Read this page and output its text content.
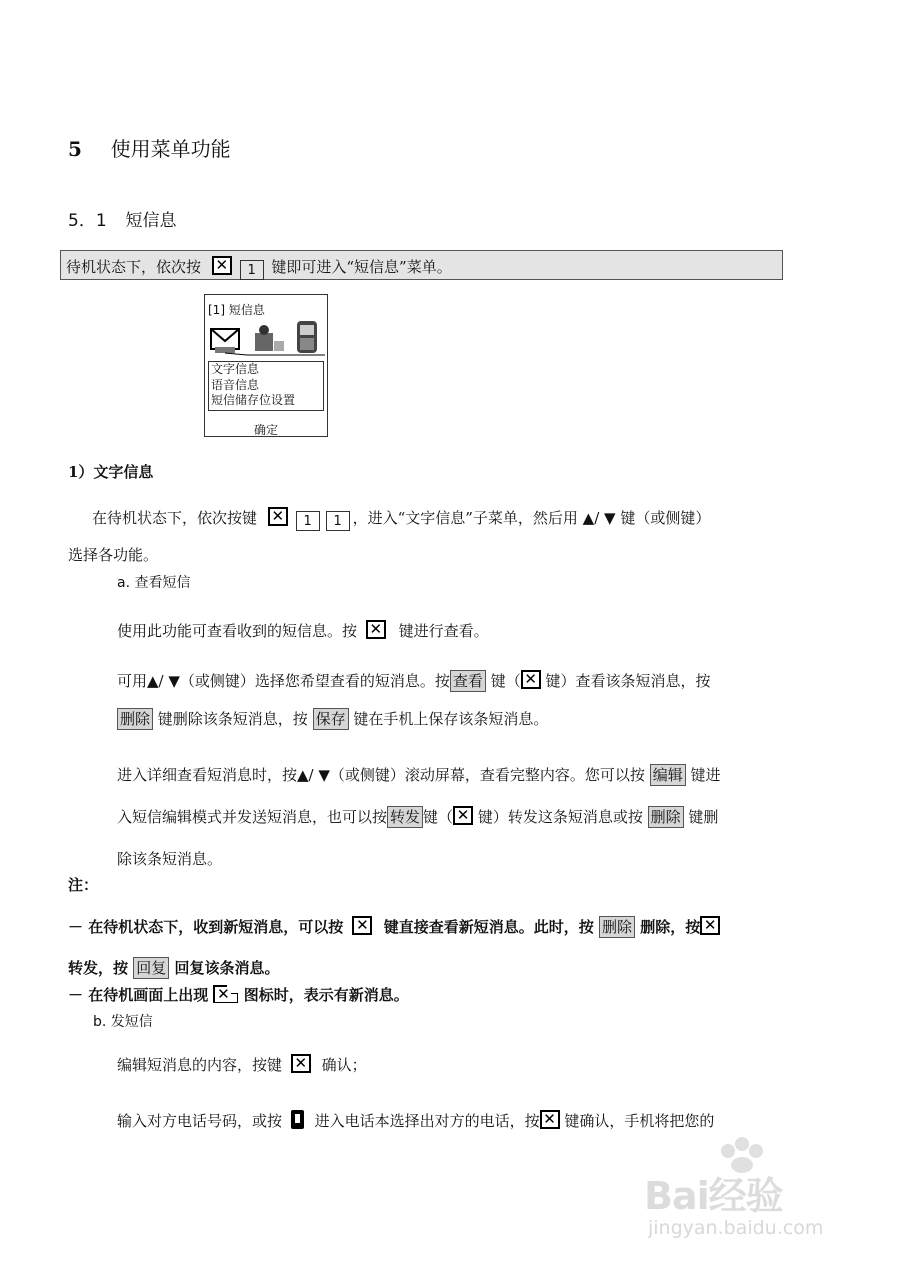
5 使用菜单功能
5．1 短信息
待机状态下，依次按 ✕	1 键即可进入“短信息”菜单。
[1] 短信息
文字信息
语音信息
短信储存位设置
确定
1）文字信息
在待机状态下，依次按键 ✕	1 1 ，进入“文字信息”子菜单，然后用 ▲/ ▼ 键（或侧键）
选择各功能。
a. 查看短信
使用此功能可查看收到的短信息。按 ✕	键进行查看。
可用▲/ ▼（或侧键）选择您希望查看的短消息。按 查看 键（ ✕ 键）查看该条短消息，按
删除 键删除该条短消息，按 保存 键在手机上保存该条短消息。
进入详细查看短消息时，按▲/ ▼（或侧键）滚动屏幕，查看完整内容。您可以按 编辑 键进
入短信编辑模式并发送短消息，也可以按 转发 键（ ✕ 键）转发这条短消息或按 删除 键删
除该条短消息。
注：
－ 在待机状态下，收到新短消息，可以按 ✕	键直接查看新短消息。此时，按 删除 删除，按✕
转发，按 回复 回复该条消息。
－ 在待机画面上出现 ✕ 图标时，表示有新消息。
b. 发短信
编辑短消息的内容，按键 ✕	确认；
输入对方电话号码，或按 进入电话本选择出对方的电话，按 ✕ 键确认，手机将把您的
Bai经验
jingyan.baidu.com
